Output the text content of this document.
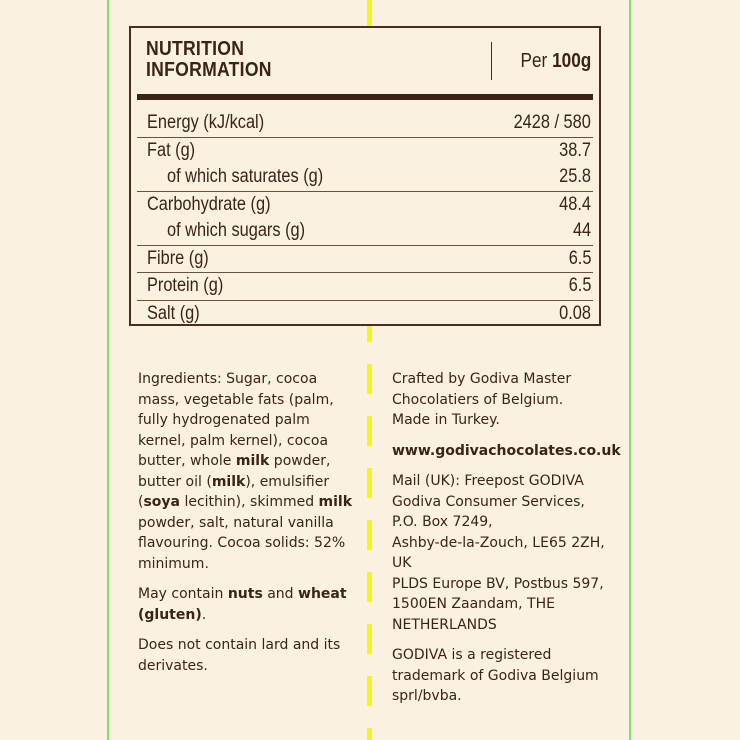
NUTRITION
INFORMATION	Per 100g
Energy (kJ/kcal)	2428 / 580
Fat (g)	38.7
of which saturates (g)	25.8
Carbohydrate (g)	48.4
of which sugars (g)	44
Fibre (g)	6.5
Protein (g)	6.5
Salt (g)	0.08

Ingredients: Sugar, cocoa
mass, vegetable fats (palm,
fully hydrogenated palm
kernel, palm kernel), cocoa
butter, whole milk powder,
butter oil (milk), emulsifier
(soya lecithin), skimmed milk
powder, salt, natural vanilla
flavouring. Cocoa solids: 52%
minimum.

May contain nuts and wheat
(gluten).

Does not contain lard and its
derivates.

Crafted by Godiva Master
Chocolatiers of Belgium.
Made in Turkey.

www.godivachocolates.co.uk

Mail (UK): Freepost GODIVA
Godiva Consumer Services,
P.O. Box 7249,
Ashby-de-la-Zouch, LE65 2ZH,
UK
PLDS Europe BV, Postbus 597,
1500EN Zaandam, THE
NETHERLANDS

GODIVA is a registered
trademark of Godiva Belgium
sprl/bvba.
